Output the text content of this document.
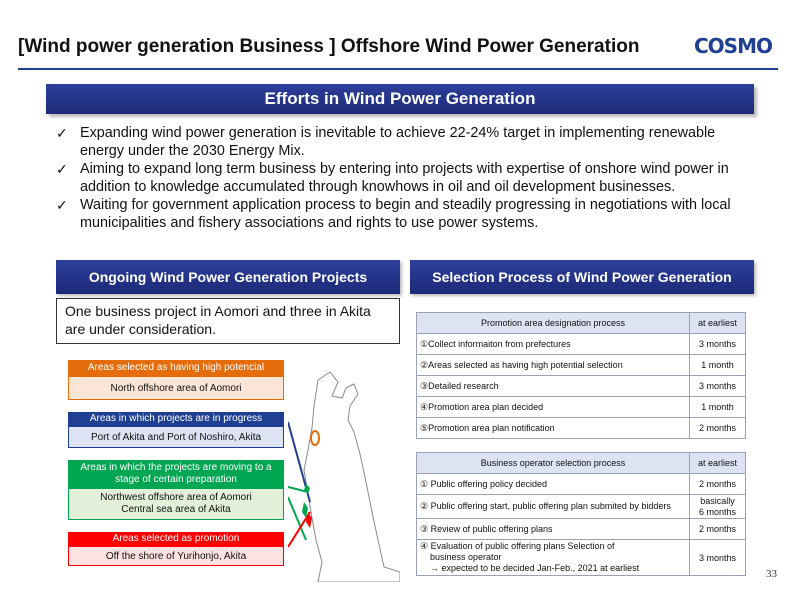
[Wind power generation Business ] Offshore Wind Power Generation	COSMO
Efforts in Wind Power Generation
✓ Expanding wind power generation is inevitable to achieve 22-24% target in implementing renewable energy under the 2030 Energy Mix.
✓ Aiming to expand long term business by entering into projects with expertise of onshore wind power in addition to knowledge accumulated through knowhows in oil and oil development businesses.
✓ Waiting for government application process to begin and steadily progressing in negotiations with local municipalities and fishery associations and rights to use power systems.
Ongoing Wind Power Generation Projects	Selection Process of Wind Power Generation
One business project in Aomori and three in Akita are under consideration.
Areas selected as having high potencial
North offshore area of Aomori
Areas in which projects are in progress
Port of Akita and Port of Noshiro, Akita
Areas in which the projects are moving to a stage of certain preparation
Northwest offshore area of Aomori
Central sea area of Akita
Areas selected as promotion
Off the shore of Yurihonjo, Akita
Promotion area designation process	at earliest
①Collect informaiton from prefectures	3 months
②Areas selected as having high potential selection	1 month
③Detailed research	3 months
④Promotion area plan decided	1 month
⑤Promotion area plan notification	2 months
Business operator selection process	at earliest
① Public offering policy decided	2 months
② Public offering start, public offering plan submited by bidders	basically
6 months

③ Review of public offering plans	2 months

④ Evaluation of public offering plans Selection of
business operator
→ expected to be decided Jan-Feb., 2021 at earliest	3 months
33
